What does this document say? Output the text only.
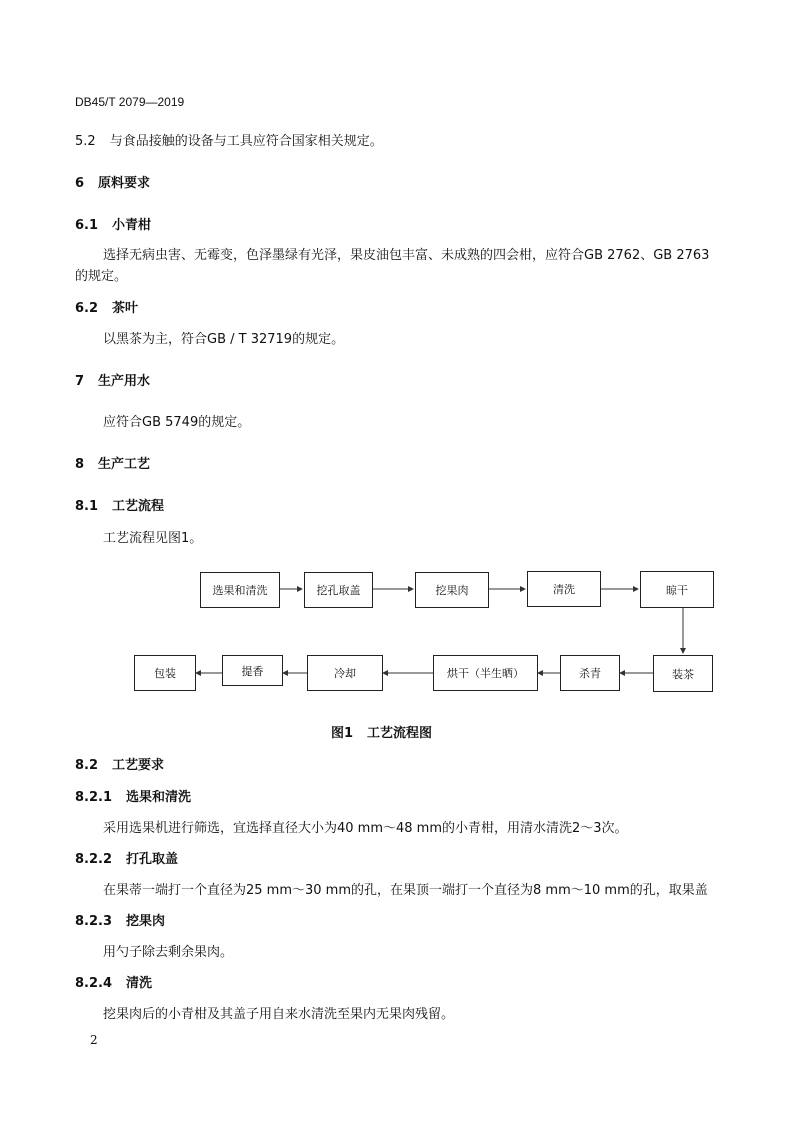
DB45/T 2079—2019
5.2 与食品接触的设备与工具应符合国家相关规定。
6 原料要求
6.1 小青柑
选择无病虫害、无霉变，色泽墨绿有光泽，果皮油包丰富、未成熟的四会柑，应符合GB 2762、GB 2763
的规定。
6.2 茶叶
以黑茶为主，符合GB / T 32719的规定。
7 生产用水
应符合GB 5749的规定。
8 生产工艺
8.1 工艺流程
工艺流程见图1。
选果和清洗	挖孔取盖	挖果肉	清洗	晾干
包装	提香	冷却	烘干（半生晒）	杀青	装茶
图1 工艺流程图
8.2 工艺要求
8.2.1 选果和清洗
采用选果机进行筛选，宜选择直径大小为40 mm～48 mm的小青柑，用清水清洗2～3次。
8.2.2 打孔取盖
在果蒂一端打一个直径为25 mm～30 mm的孔，在果顶一端打一个直径为8 mm～10 mm的孔，取果盖
8.2.3 挖果肉
用勺子除去剩余果肉。
8.2.4 清洗
挖果肉后的小青柑及其盖子用自来水清洗至果内无果肉残留。
2
